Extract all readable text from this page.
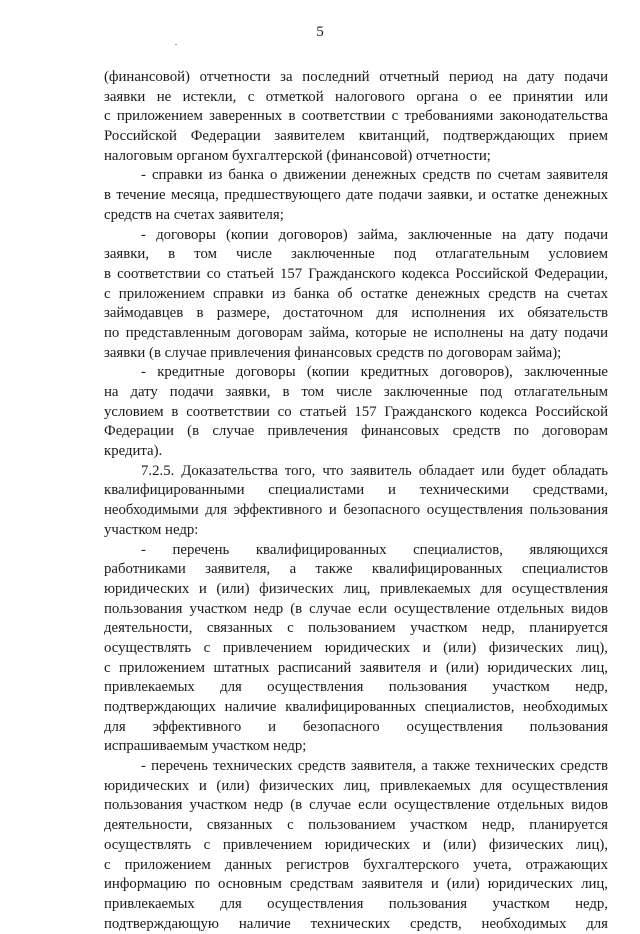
5
(финансовой) отчетности за последний отчетный период на дату подачи
заявки не истекли, с отметкой налогового органа о ее принятии или
с приложением заверенных в соответствии с требованиями законодательства
Российской Федерации заявителем квитанций, подтверждающих прием
налоговым органом бухгалтерской (финансовой) отчетности;
- справки из банка о движении денежных средств по счетам заявителя
в течение месяца, предшествующего дате подачи заявки, и остатке денежных
средств на счетах заявителя;
- договоры (копии договоров) займа, заключенные на дату подачи
заявки, в том числе заключенные под отлагательным условием
в соответствии со статьей 157 Гражданского кодекса Российской Федерации,
с приложением справки из банка об остатке денежных средств на счетах
займодавцев в размере, достаточном для исполнения их обязательств
по представленным договорам займа, которые не исполнены на дату подачи
заявки (в случае привлечения финансовых средств по договорам займа);
- кредитные договоры (копии кредитных договоров), заключенные
на дату подачи заявки, в том числе заключенные под отлагательным
условием в соответствии со статьей 157 Гражданского кодекса Российской
Федерации (в случае привлечения финансовых средств по договорам
кредита).
7.2.5. Доказательства того, что заявитель обладает или будет обладать
квалифицированными специалистами и техническими средствами,
необходимыми для эффективного и безопасного осуществления пользования
участком недр:
- перечень квалифицированных специалистов, являющихся
работниками заявителя, а также квалифицированных специалистов
юридических и (или) физических лиц, привлекаемых для осуществления
пользования участком недр (в случае если осуществление отдельных видов
деятельности, связанных с пользованием участком недр, планируется
осуществлять с привлечением юридических и (или) физических лиц),
с приложением штатных расписаний заявителя и (или) юридических лиц,
привлекаемых для осуществления пользования участком недр,
подтверждающих наличие квалифицированных специалистов, необходимых
для эффективного и безопасного осуществления пользования
испрашиваемым участком недр;
- перечень технических средств заявителя, а также технических средств
юридических и (или) физических лиц, привлекаемых для осуществления
пользования участком недр (в случае если осуществление отдельных видов
деятельности, связанных с пользованием участком недр, планируется
осуществлять с привлечением юридических и (или) физических лиц),
с приложением данных регистров бухгалтерского учета, отражающих
информацию по основным средствам заявителя и (или) юридических лиц,
привлекаемых для осуществления пользования участком недр,
подтверждающую наличие технических средств, необходимых для
